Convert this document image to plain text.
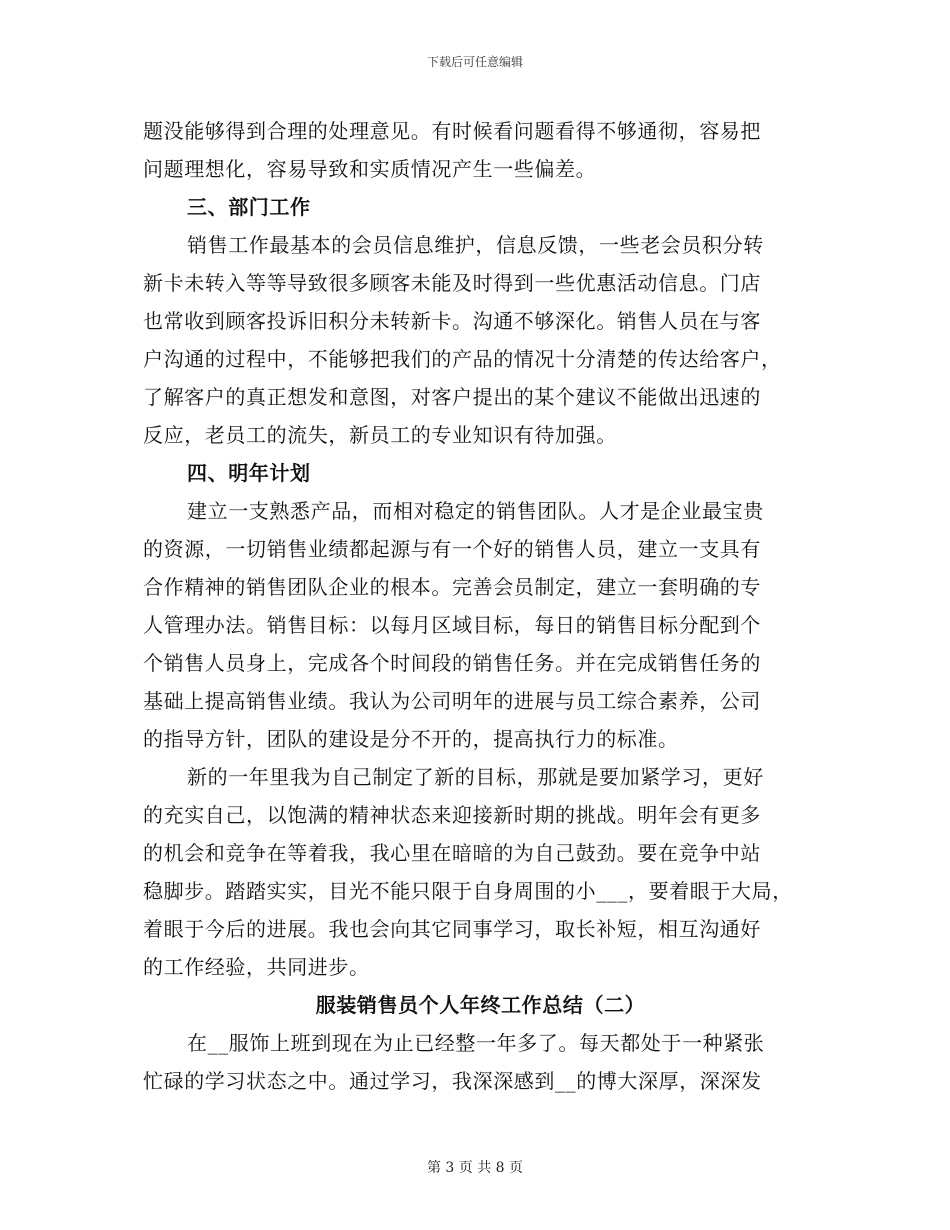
下载后可任意编辑
题没能够得到合理的处理意见。有时候看问题看得不够通彻，容易把
问题理想化，容易导致和实质情况产生一些偏差。
三、部门工作
销售工作最基本的会员信息维护，信息反馈，一些老会员积分转
新卡未转入等等导致很多顾客未能及时得到一些优惠活动信息。门店
也常收到顾客投诉旧积分未转新卡。沟通不够深化。销售人员在与客
户沟通的过程中，不能够把我们的产品的情况十分清楚的传达给客户，
了解客户的真正想发和意图，对客户提出的某个建议不能做出迅速的
反应，老员工的流失，新员工的专业知识有待加强。
四、明年计划
建立一支熟悉产品，而相对稳定的销售团队。人才是企业最宝贵
的资源，一切销售业绩都起源与有一个好的销售人员，建立一支具有
合作精神的销售团队企业的根本。完善会员制定，建立一套明确的专
人管理办法。销售目标：以每月区域目标，每日的销售目标分配到个
个销售人员身上，完成各个时间段的销售任务。并在完成销售任务的
基础上提高销售业绩。我认为公司明年的进展与员工综合素养，公司
的指导方针，团队的建设是分不开的，提高执行力的标准。
新的一年里我为自己制定了新的目标，那就是要加紧学习，更好
的充实自己，以饱满的精神状态来迎接新时期的挑战。明年会有更多
的机会和竞争在等着我，我心里在暗暗的为自己鼓劲。要在竞争中站
稳脚步。踏踏实实，目光不能只限于自身周围的小___，要着眼于大局，
着眼于今后的进展。我也会向其它同事学习，取长补短，相互沟通好
的工作经验，共同进步。
服装销售员个人年终工作总结（二）
在__服饰上班到现在为止已经整一年多了。每天都处于一种紧张
忙碌的学习状态之中。通过学习，我深深感到__的博大深厚，深深发
第 3 页 共 8 页
